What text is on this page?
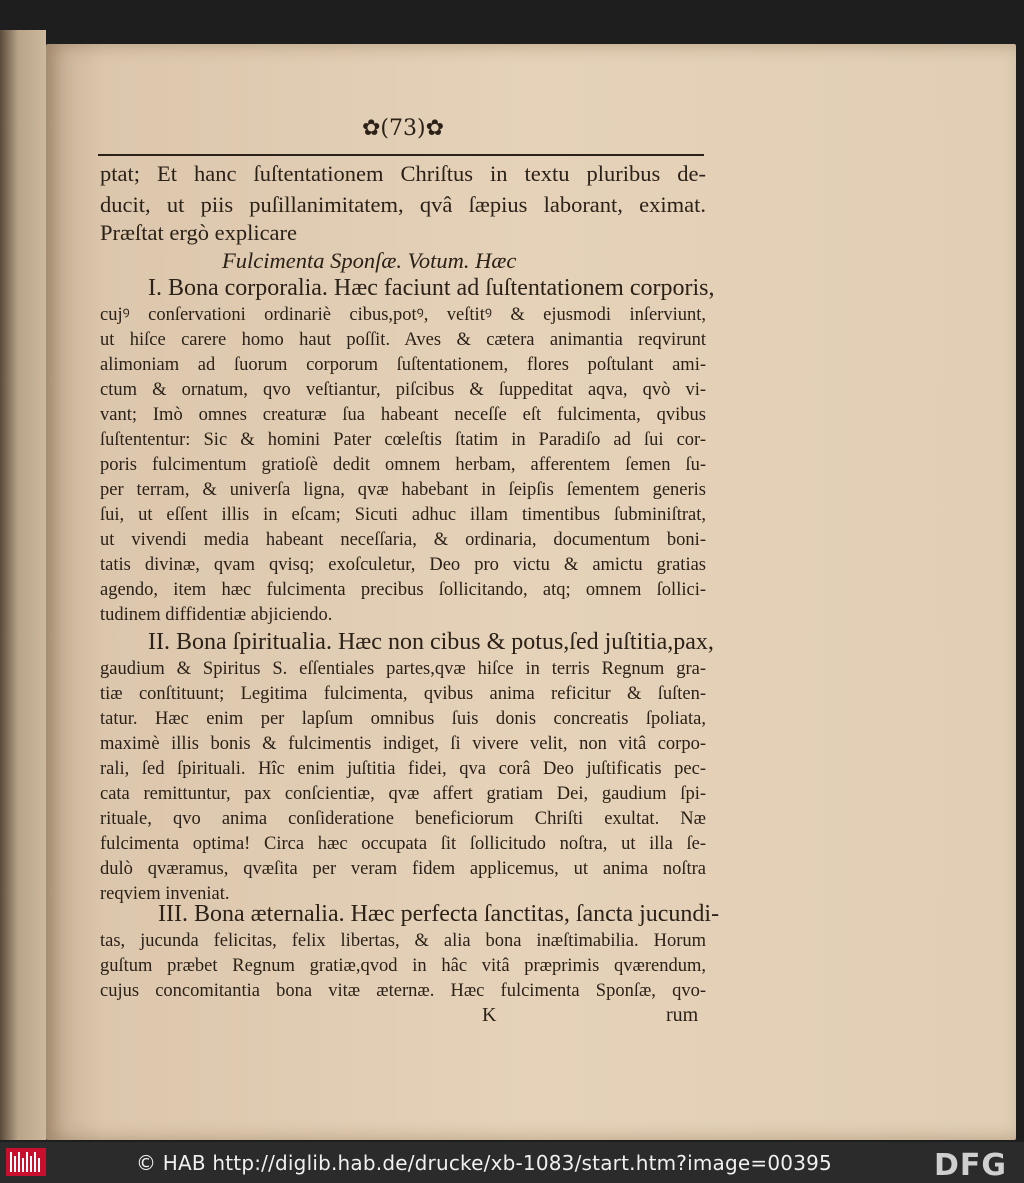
✿(73)✿

ptat; Et hanc ſuſtentationem Chriſtus in textu pluribus de-

ducit, ut piis puſillanimitatem, qvâ ſæpius laborant, eximat.

Præſtat ergò explicare

Fulcimenta Sponſæ. Votum. Hæc

I. Bona corporalia. Hæc faciunt ad ſuſtentationem corporis,

cujꝰ conſervationi ordinariè cibus,potꝰ, veſtitꝰ & ejusmodi inſerviunt,

ut hiſce carere homo haut poſſit. Aves & cætera animantia reqvirunt

alimoniam ad ſuorum corporum ſuſtentationem, flores poſtulant ami-

ctum & ornatum, qvo veſtiantur, piſcibus & ſuppeditat aqva, qvò vi-

vant; Imò omnes creaturæ ſua habeant neceſſe eſt fulcimenta, qvibus

ſuſtententur: Sic & homini Pater cœleſtis ſtatim in Paradiſo ad ſui cor-

poris fulcimentum gratioſè dedit omnem herbam, afferentem ſemen ſu-

per terram, & univerſa ligna, qvæ habebant in ſeipſis ſementem generis

ſui, ut eſſent illis in eſcam; Sicuti adhuc illam timentibus ſubminiſtrat,

ut vivendi media habeant neceſſaria, & ordinaria, documentum boni-

tatis divinæ, qvam qvisq; exoſculetur, Deo pro victu & amictu gratias

agendo, item hæc fulcimenta precibus ſollicitando, atq; omnem ſollici-

tudinem diffidentiæ abjiciendo.

II. Bona ſpiritualia. Hæc non cibus & potus,ſed juſtitia,pax,

gaudium & Spiritus S. eſſentiales partes,qvæ hiſce in terris Regnum gra-

tiæ conſtituunt; Legitima fulcimenta, qvibus anima reficitur & ſuſten-

tatur. Hæc enim per lapſum omnibus ſuis donis concreatis ſpoliata,

maximè illis bonis & fulcimentis indiget, ſi vivere velit, non vitâ corpo-

rali, ſed ſpirituali. Hîc enim juſtitia fidei, qva corâ Deo juſtificatis pec-

cata remittuntur, pax conſcientiæ, qvæ affert gratiam Dei, gaudium ſpi-

rituale, qvo anima conſideratione beneficiorum Chriſti exultat. Næ

fulcimenta optima! Circa hæc occupata ſit ſollicitudo noſtra, ut illa ſe-

dulò qværamus, qvæſita per veram fidem applicemus, ut anima noſtra

reqviem inveniat.

III. Bona æternalia. Hæc perfecta ſanctitas, ſancta jucundi-

tas, jucunda felicitas, felix libertas, & alia bona inæſtimabilia. Horum

guſtum præbet Regnum gratiæ,qvod in hâc vitâ præprimis qværendum,

cujus concomitantia bona vitæ æternæ. Hæc fulcimenta Sponſæ, qvo-

K	rum
© HAB http://diglib.hab.de/drucke/xb-1083/start.htm?image=00395	DFG
